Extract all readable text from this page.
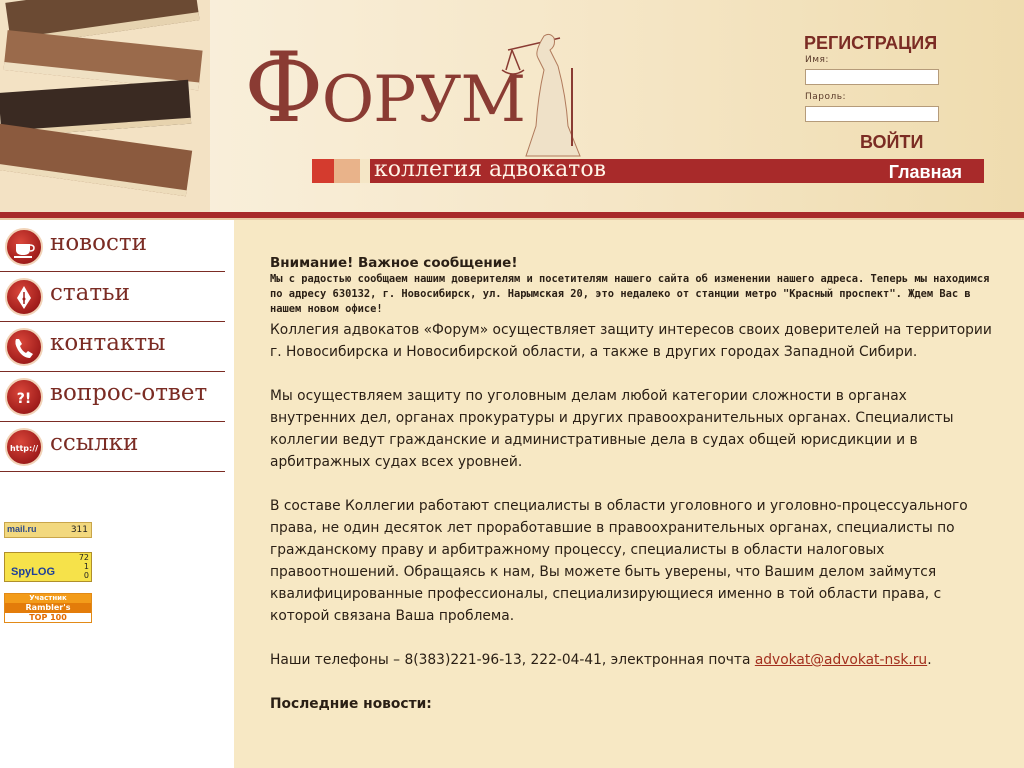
ФОРУМ
коллегия адвокатов	Главная
РЕГИСТРАЦИЯ
Имя:
Пароль:
ВОЙТИ
новости
статьи
контакты
?! вопрос-ответ
http:// ссылки
mail.ru	311
SpyLOG
72
1
0
Участник
Rambler's
TOP 100

Внимание! Важное сообщение!

Мы с радостью сообщаем нашим доверителям и посетителям нашего сайта об изменении нашего адреса. Теперь мы находимся по адресу 630132, г. Новосибирск, ул. Нарымская 20, это недалеко от станции метро "Красный проспект". Ждем Вас в нашем новом офисе!

Коллегия адвокатов «Форум» осуществляет защиту интересов своих доверителей на территории г. Новосибирска и Новосибирской области, а также в других городах Западной Сибири.

Мы осуществляем защиту по уголовным делам любой категории сложности в органах внутренних дел, органах прокуратуры и других правоохранительных органах. Специалисты коллегии ведут гражданские и административные дела в судах общей юрисдикции и в арбитражных судах всех уровней.

В составе Коллегии работают специалисты в области уголовного и уголовно-процессуального права, не один десяток лет проработавшие в правоохранительных органах, специалисты по гражданскому праву и арбитражному процессу, специалисты в области налоговых правоотношений. Обращаясь к нам, Вы можете быть уверены, что Вашим делом займутся квалифицированные профессионалы, специализирующиеся именно в той области права, с которой связана Ваша проблема.

Наши телефоны – 8(383)221-96-13, 222-04-41, электронная почта advokat@advokat-nsk.ru.

Последние новости:
